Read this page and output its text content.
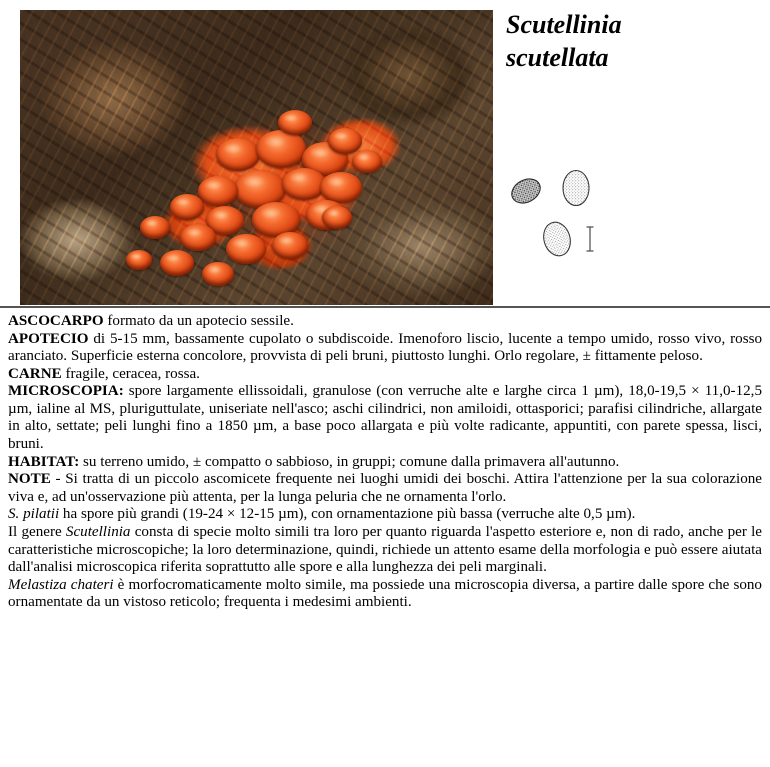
Scutellinia
scutellata

ASCOCARPO formato da un apotecio sessile.

APOTECIO di 5-15 mm, bassamente cupolato o subdiscoide. Imenoforo liscio, lucente a tempo umido, rosso vivo, rosso aranciato. Superficie esterna concolore, provvista di peli bruni, piuttosto lunghi. Orlo regolare, ± fittamente peloso.

CARNE fragile, ceracea, rossa.

MICROSCOPIA: spore largamente ellissoidali, granulose (con verruche alte e larghe circa 1 µm), 18,0-19,5 × 11,0-12,5 µm, ialine al MS, pluriguttulate, uniseriate nell'asco; aschi cilindrici, non amiloidi, ottasporici; parafisi cilindriche, allargate in alto, settate; peli lunghi fino a 1850 µm, a base poco allargata e più volte radicante, appuntiti, con parete spessa, lisci, bruni.

HABITAT: su terreno umido, ± compatto o sabbioso, in gruppi; comune dalla primavera all'autunno.

NOTE - Si tratta di un piccolo ascomicete frequente nei luoghi umidi dei boschi. Attira l'attenzione per la sua colorazione viva e, ad un'osservazione più attenta, per la lunga peluria che ne ornamenta l'orlo.

S. pilatii ha spore più grandi (19-24 × 12-15 µm), con ornamentazione più bassa (verruche alte 0,5 µm).

Il genere Scutellinia consta di specie molto simili tra loro per quanto riguarda l'aspetto esteriore e, non di rado, anche per le caratteristiche microscopiche; la loro determinazione, quindi, richiede un attento esame della morfologia e può essere aiutata dall'analisi microscopica riferita soprattutto alle spore e alla lunghezza dei peli marginali.

Melastiza chateri è morfocromaticamente molto simile, ma possiede una microscopia diversa, a partire dalle spore che sono ornamentate da un vistoso reticolo; frequenta i medesimi ambienti.
